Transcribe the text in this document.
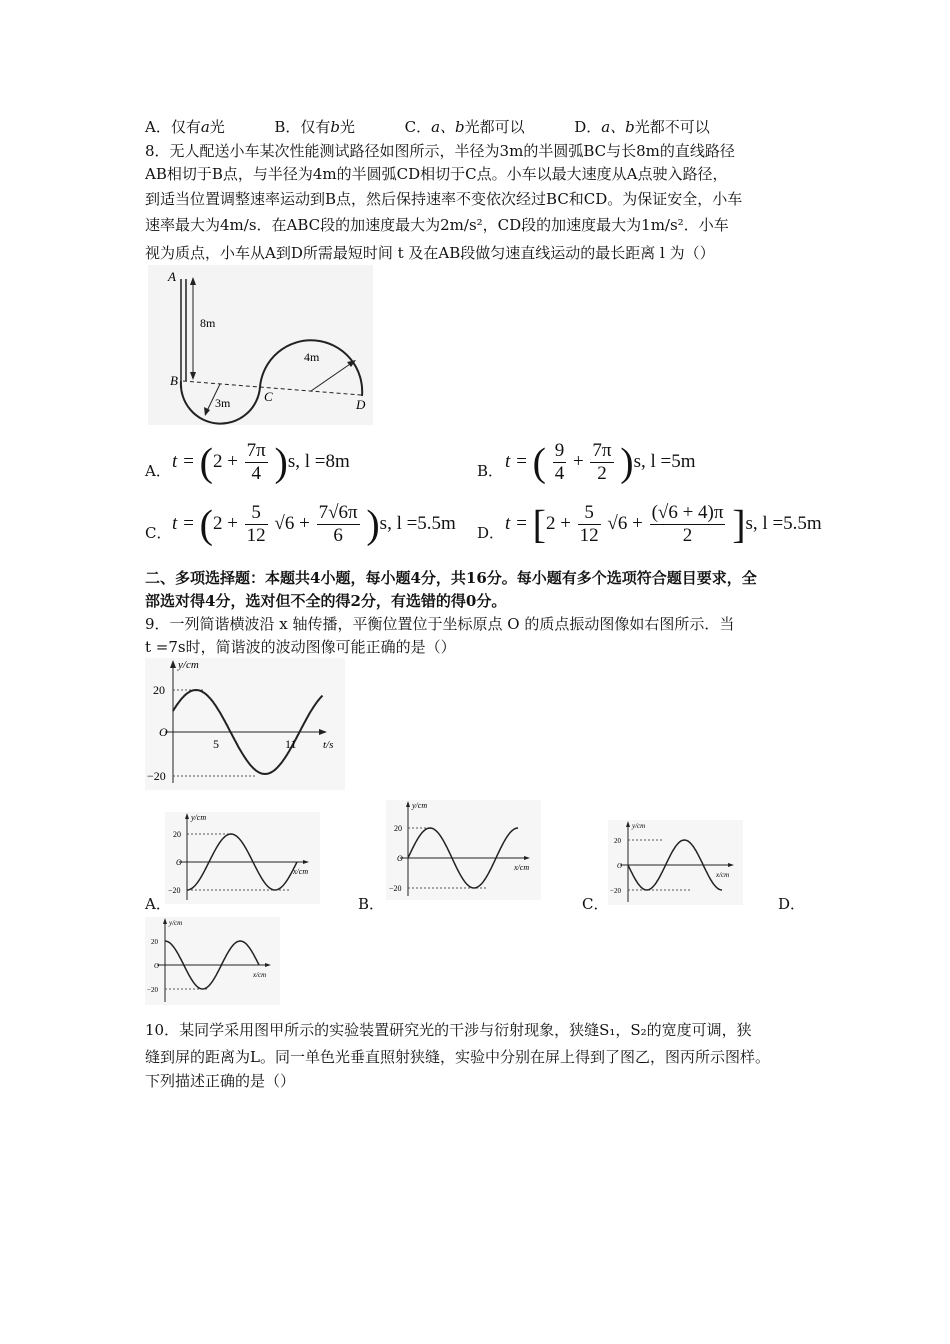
A．仅有a光	B．仅有b光	C．a、b光都可以	D．a、b光都不可以
8．无人配送小车某次性能测试路径如图所示，半径为3m的半圆弧BC与长8m的直线路径
AB相切于B点，与半径为4m的半圆弧CD相切于C点。小车以最大速度从A点驶入路径，
到适当位置调整速率运动到B点，然后保持速率不变依次经过BC和CD。为保证安全，小车
速率最大为4m/s．在ABC段的加速度最大为2m/s²，CD段的加速度最大为1m/s²．小车
视为质点，小车从A到D所需最短时间 t 及在AB段做匀速直线运动的最长距离 l 为（）
A
B
C
D
8m
3m
4m
A． $t = (2 + \frac{7\pi}{4} )s$, l =8m	B． t = ( $\frac{9}{4} + \frac{7\pi}{2} )s$, l =5m
C． $t = (2 + \frac{5}{12} √6 + \frac{7√6\pi}{6} )s$, l =5.5m D． $t = [2 + \frac{5}{12} √6 + \frac{(√6 + 4)\pi}{2} ]s$, l =5.5m
二、多项选择题：本题共4小题，每小题4分，共16分。每小题有多个选项符合题目要求，全
部选对得4分，选对但不全的得2分，有选错的得0分。
9．一列简谐横波沿 x 轴传播，平衡位置位于坐标原点 O 的质点振动图像如右图所示．当
t =7s时，简谐波的波动图像可能正确的是（）
y/cm
t/s
20
−20
O
5	11
y/cm
x/cm
20
−20
O
A．
y/cm
x/cm
20
−20
O
B．
y/cm
x/cm
20
−20
O
C．	D．
y/cm
x/cm
20
−20
O
10．某同学采用图甲所示的实验装置研究光的干涉与衍射现象，狭缝S₁，S₂的宽度可调，狭
缝到屏的距离为L。同一单色光垂直照射狭缝，实验中分别在屏上得到了图乙，图丙所示图样。
下列描述正确的是（）
